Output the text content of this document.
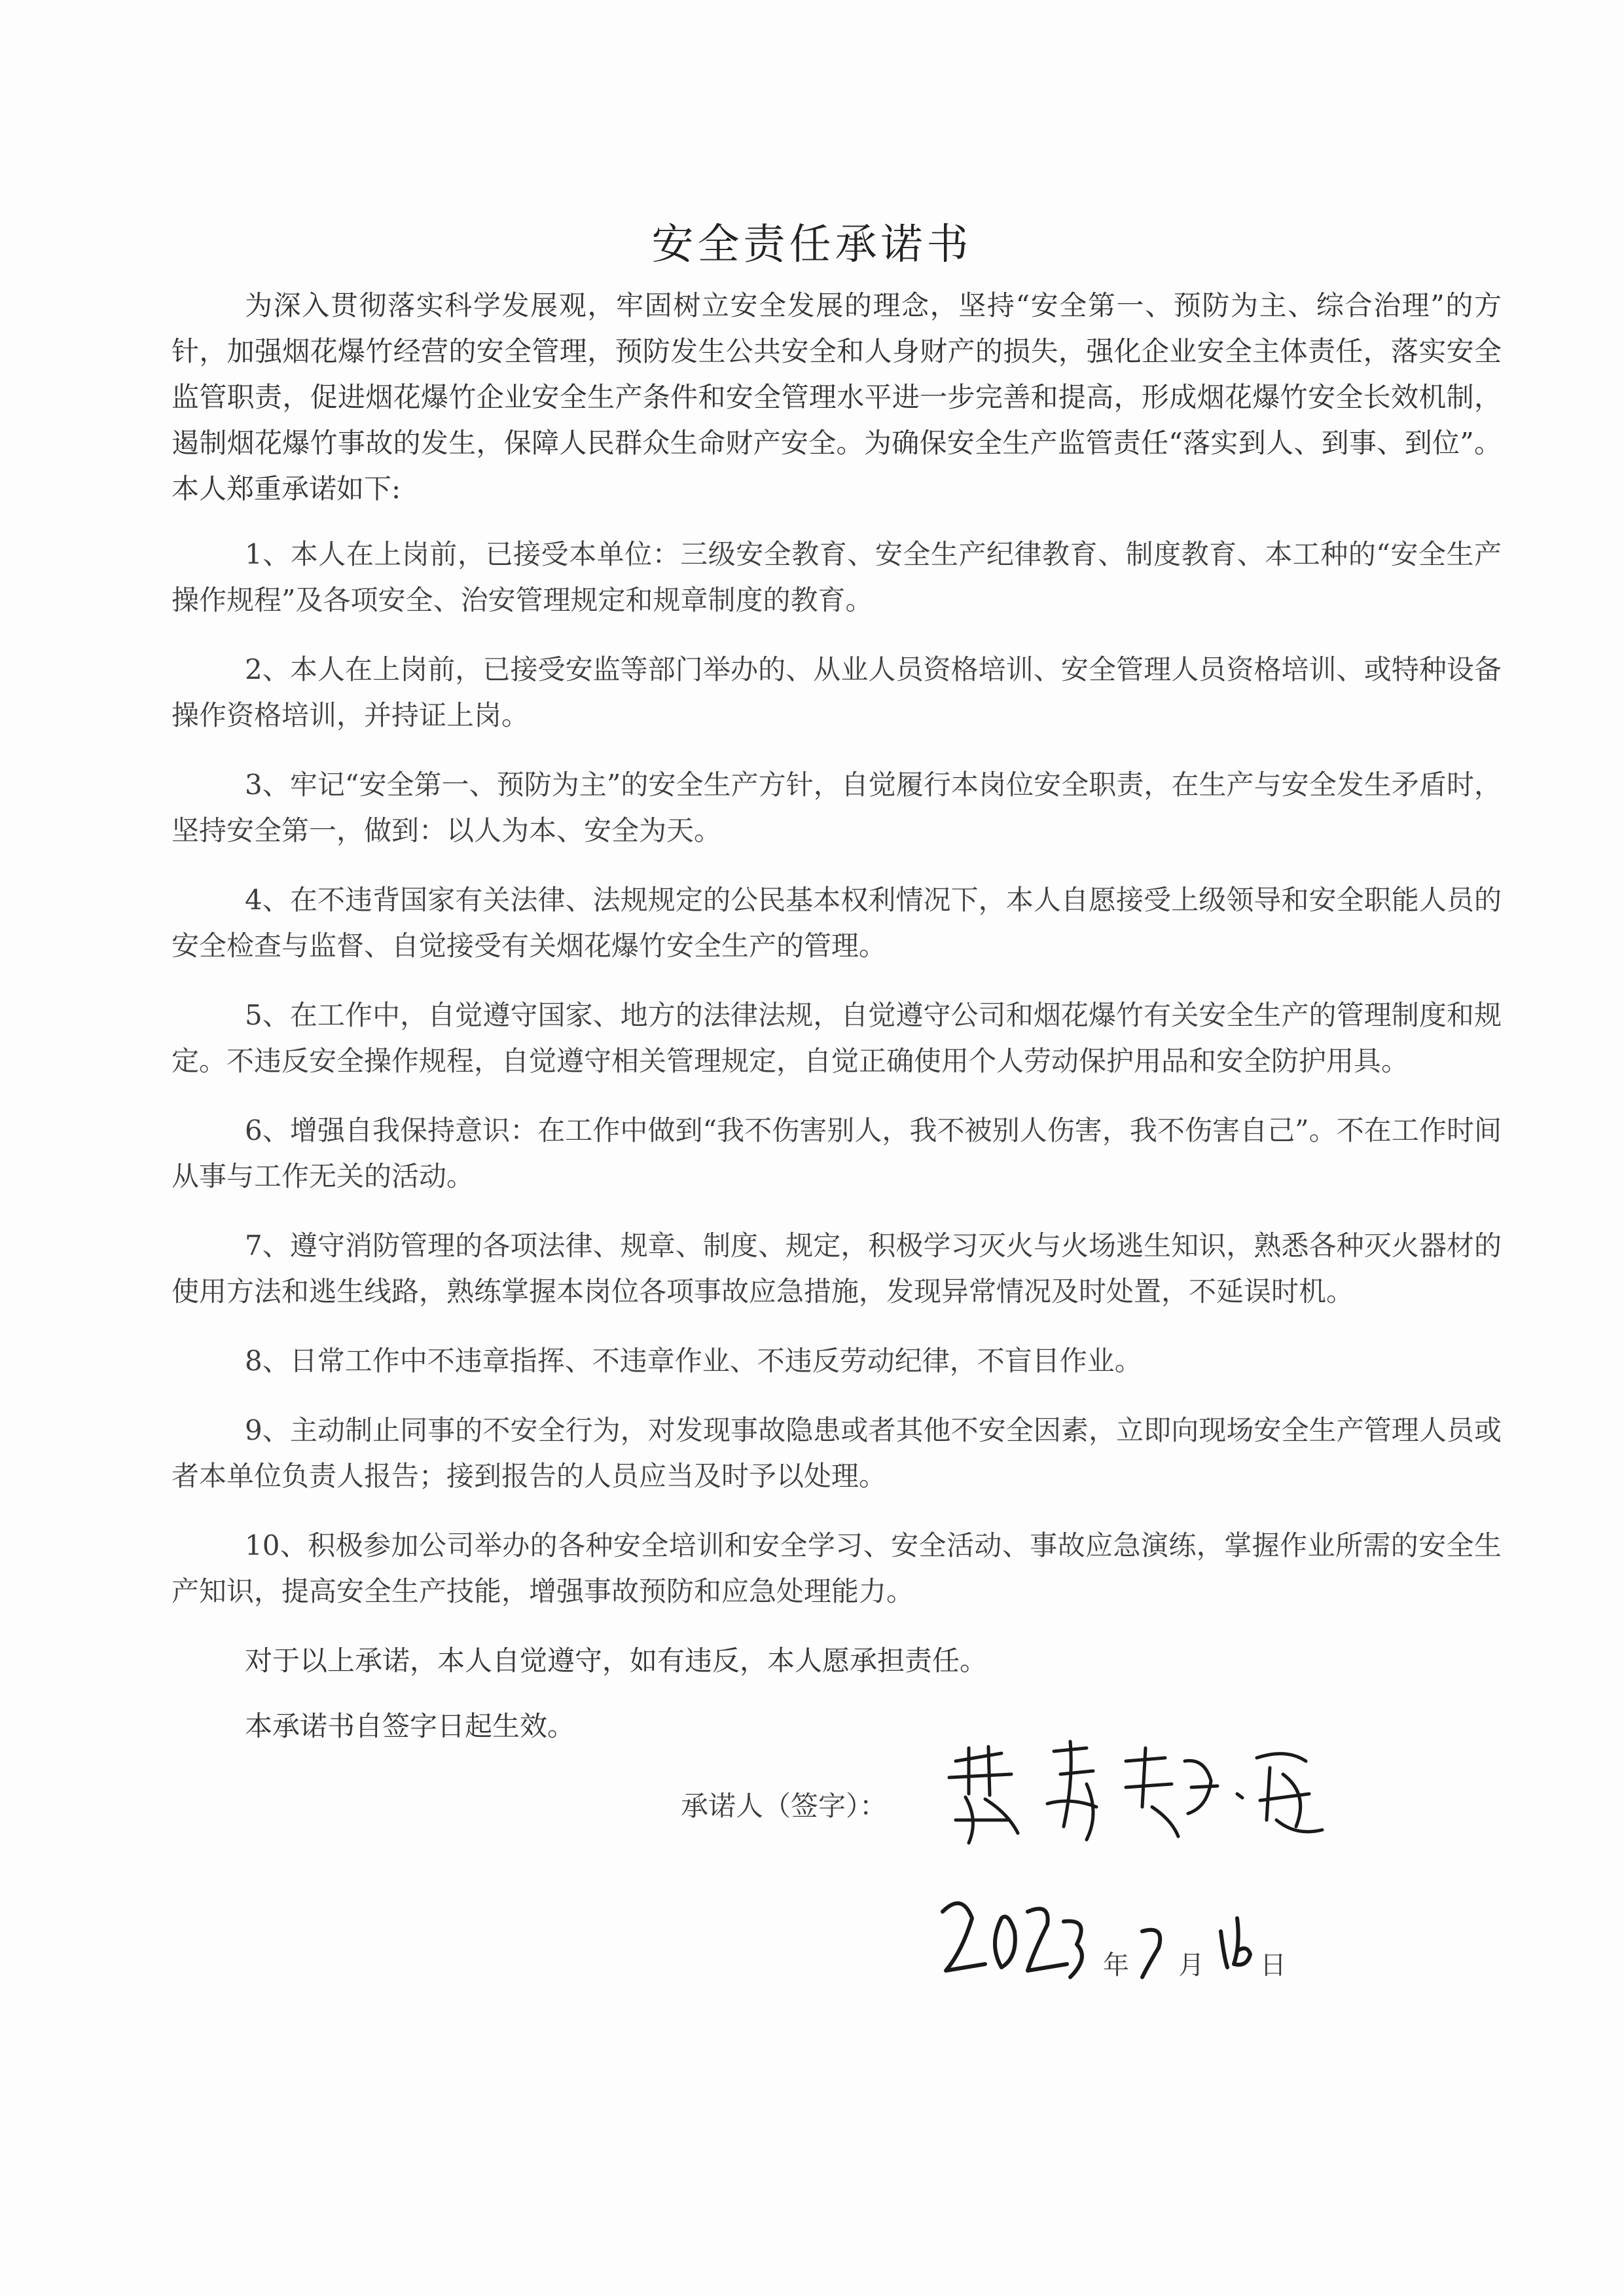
安全责任承诺书

为深入贯彻落实科学发展观，牢固树立安全发展的理念，坚持“安全第一、预防为主、综合治理”的方针，加强烟花爆竹经营的安全管理，预防发生公共安全和人身财产的损失，强化企业安全主体责任，落实安全监管职责，促进烟花爆竹企业安全生产条件和安全管理水平进一步完善和提高，形成烟花爆竹安全长效机制，遏制烟花爆竹事故的发生，保障人民群众生命财产安全。为确保安全生产监管责任“落实到人、到事、到位”。本人郑重承诺如下:

1、本人在上岗前，已接受本单位：三级安全教育、安全生产纪律教育、制度教育、本工种的“安全生产操作规程”及各项安全、治安管理规定和规章制度的教育。

2、本人在上岗前，已接受安监等部门举办的、从业人员资格培训、安全管理人员资格培训、或特种设备操作资格培训，并持证上岗。

3、牢记“安全第一、预防为主”的安全生产方针，自觉履行本岗位安全职责，在生产与安全发生矛盾时，坚持安全第一，做到：以人为本、安全为天。

4、在不违背国家有关法律、法规规定的公民基本权利情况下，本人自愿接受上级领导和安全职能人员的安全检查与监督、自觉接受有关烟花爆竹安全生产的管理。

5、在工作中，自觉遵守国家、地方的法律法规，自觉遵守公司和烟花爆竹有关安全生产的管理制度和规定。不违反安全操作规程，自觉遵守相关管理规定，自觉正确使用个人劳动保护用品和安全防护用具。

6、增强自我保持意识：在工作中做到“我不伤害别人，我不被别人伤害，我不伤害自己”。不在工作时间从事与工作无关的活动。

7、遵守消防管理的各项法律、规章、制度、规定，积极学习灭火与火场逃生知识，熟悉各种灭火器材的使用方法和逃生线路，熟练掌握本岗位各项事故应急措施，发现异常情况及时处置，不延误时机。

8、日常工作中不违章指挥、不违章作业、不违反劳动纪律，不盲目作业。

9、主动制止同事的不安全行为，对发现事故隐患或者其他不安全因素，立即向现场安全生产管理人员或者本单位负责人报告；接到报告的人员应当及时予以处理。

10、积极参加公司举办的各种安全培训和安全学习、安全活动、事故应急演练，掌握作业所需的安全生产知识，提高安全生产技能，增强事故预防和应急处理能力。

对于以上承诺，本人自觉遵守，如有违反，本人愿承担责任。

本承诺书自签字日起生效。

承诺人（签字）：
年 月 日
